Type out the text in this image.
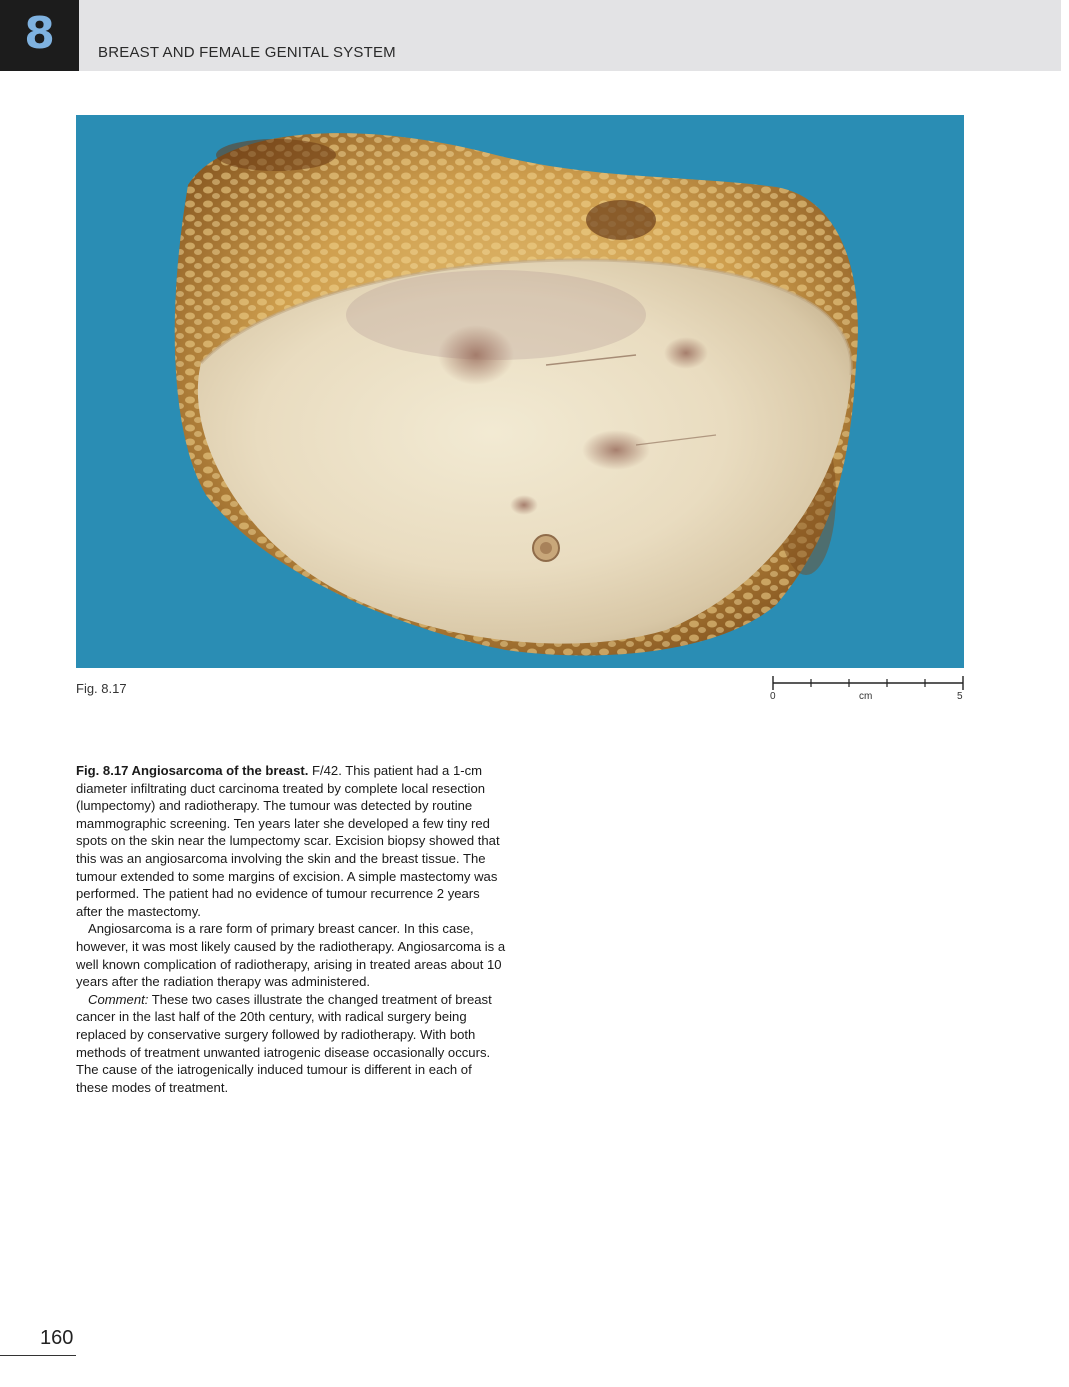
8	BREAST AND FEMALE GENITAL SYSTEM
Fig. 8.17
0	cm	5

Fig. 8.17 Angiosarcoma of the breast. F/42. This patient had a 1-cm diameter infiltrating duct carcinoma treated by complete local resection (lumpectomy) and radiotherapy. The tumour was detected by routine mammographic screening. Ten years later she developed a few tiny red spots on the skin near the lumpectomy scar. Excision biopsy showed that this was an angiosarcoma involving the skin and the breast tissue. The tumour extended to some margins of excision. A simple mastectomy was performed. The patient had no evidence of tumour recurrence 2 years after the mastectomy.

Angiosarcoma is a rare form of primary breast cancer. In this case, however, it was most likely caused by the radiotherapy. Angiosarcoma is a well known complication of radiotherapy, arising in treated areas about 10 years after the radiation therapy was administered.

Comment: These two cases illustrate the changed treatment of breast cancer in the last half of the 20th century, with radical surgery being replaced by conservative surgery followed by radiotherapy. With both methods of treatment unwanted iatrogenic disease occasionally occurs. The cause of the iatrogenically induced tumour is different in each of these modes of treatment.

160
